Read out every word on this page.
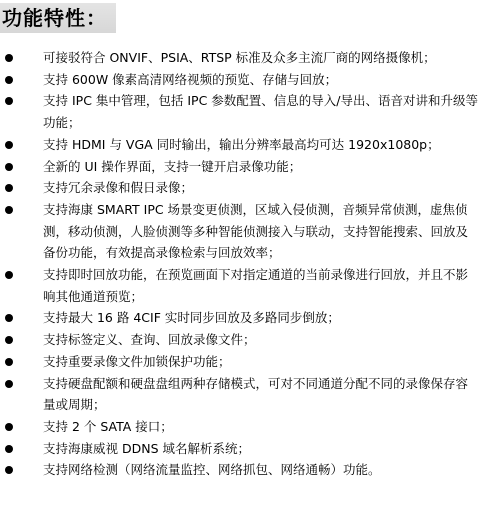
功能特性：
可接驳符合 ONVIF、PSIA、RTSP 标准及众多主流厂商的网络摄像机；
支持 600W 像素高清网络视频的预览、存储与回放；
支持 IPC 集中管理，包括 IPC 参数配置、信息的导入/导出、语音对讲和升级等功能；
支持 HDMI 与 VGA 同时输出，输出分辨率最高均可达 1920x1080p；
全新的 UI 操作界面，支持一键开启录像功能；
支持冗余录像和假日录像；
支持海康 SMART IPC 场景变更侦测，区域入侵侦测，音频异常侦测，虚焦侦测，移动侦测，人脸侦测等多种智能侦测接入与联动，支持智能搜索、回放及备份功能，有效提高录像检索与回放效率；
支持即时回放功能，在预览画面下对指定通道的当前录像进行回放，并且不影响其他通道预览；
支持最大 16 路 4CIF 实时同步回放及多路同步倒放；
支持标签定义、查询、回放录像文件；
支持重要录像文件加锁保护功能；
支持硬盘配额和硬盘盘组两种存储模式，可对不同通道分配不同的录像保存容量或周期；
支持 2 个 SATA 接口；
支持海康威视 DDNS 域名解析系统；
支持网络检测（网络流量监控、网络抓包、网络通畅）功能。
